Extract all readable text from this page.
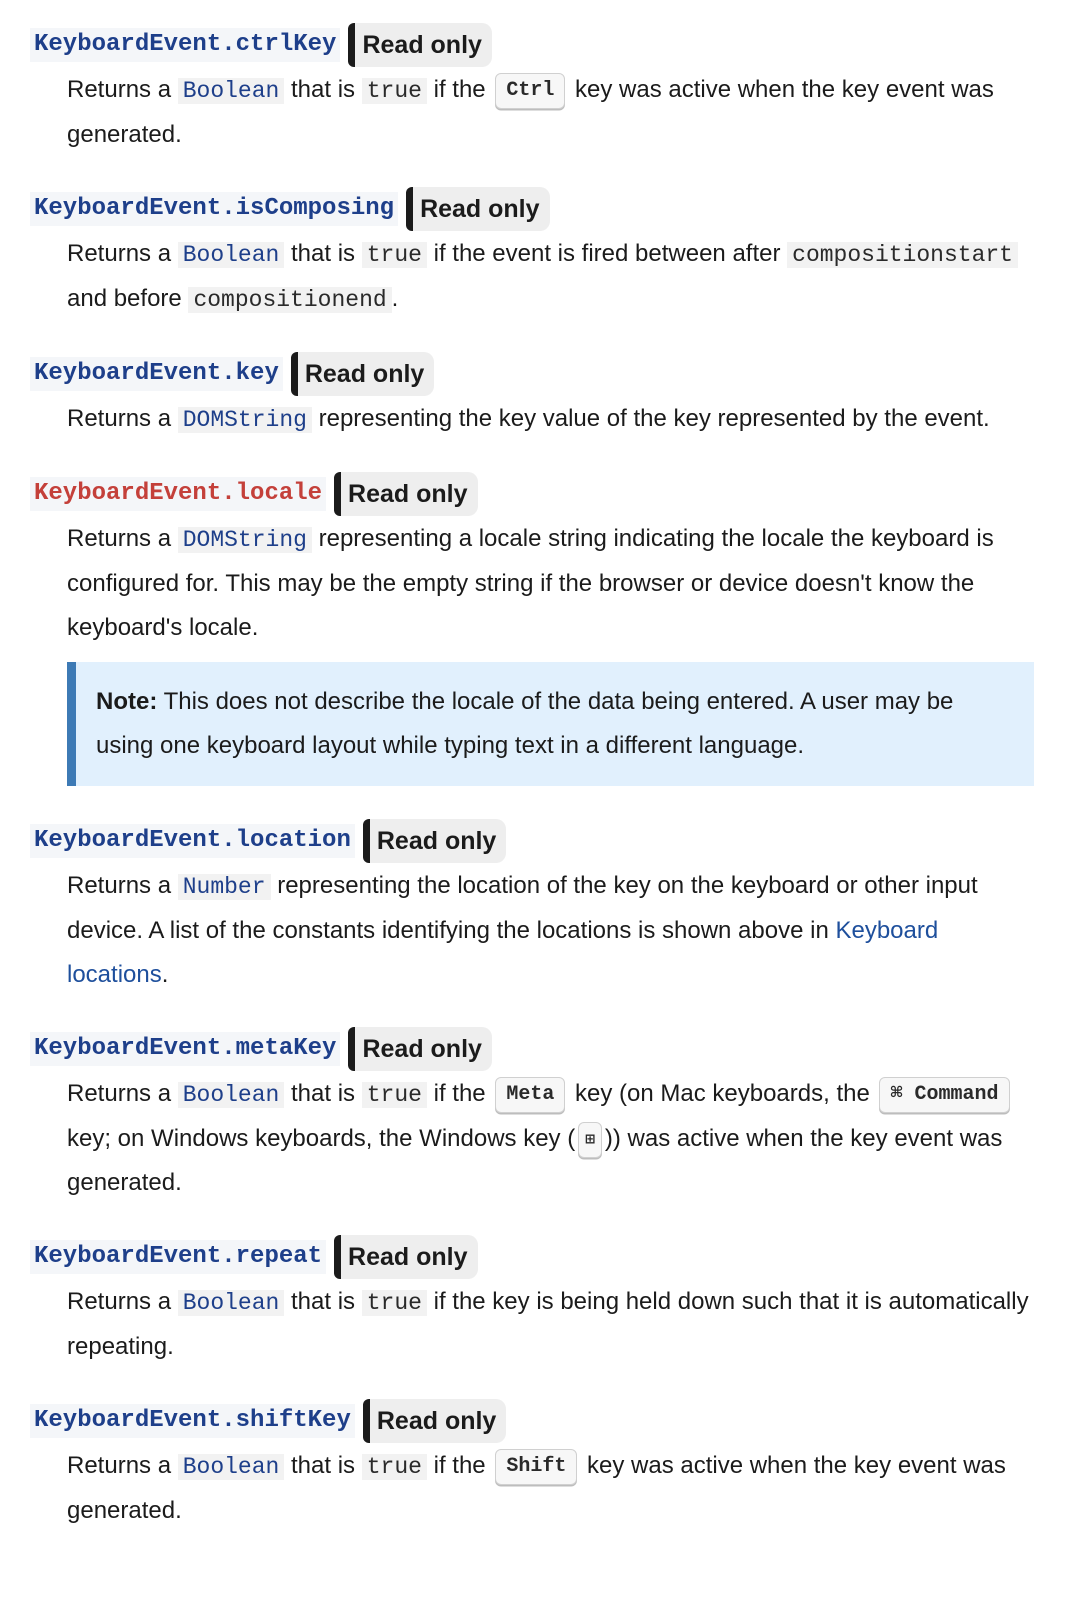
KeyboardEvent.ctrlKey	Read only
Returns a Boolean that is true if the Ctrl key was active when the key event was generated.
KeyboardEvent.isComposing	Read only
Returns a Boolean that is true if the event is fired between after compositionstart and before compositionend .
KeyboardEvent.key	Read only
Returns a DOMString representing the key value of the key represented by the event.
KeyboardEvent.locale	Read only
Returns a DOMString representing a locale string indicating the locale the keyboard is configured for. This may be the empty string if the browser or device doesn't know the keyboard's locale.
Note: This does not describe the locale of the data being entered. A user may be using one keyboard layout while typing text in a different language.
KeyboardEvent.location	Read only
Returns a Number representing the location of the key on the keyboard or other input device. A list of the constants identifying the locations is shown above in Keyboard locations.
KeyboardEvent.metaKey	Read only
Returns a Boolean that is true if the Meta key (on Mac keyboards, the ⌘ Command key; on Windows keyboards, the Windows key ( ⊞ )) was active when the key event was generated.
KeyboardEvent.repeat	Read only
Returns a Boolean that is true if the key is being held down such that it is automatically repeating.
KeyboardEvent.shiftKey	Read only
Returns a Boolean that is true if the Shift key was active when the key event was generated.
